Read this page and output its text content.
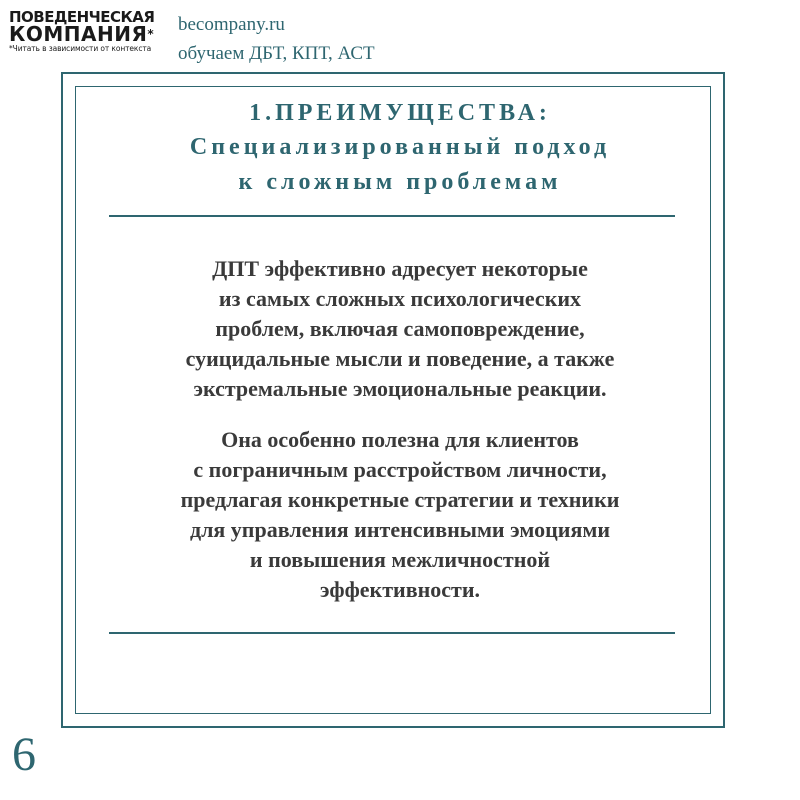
ПОВЕДЕНЧЕСКАЯ
КОМПАНИЯ*
*Читать в зависимости от контекста
becompany.ru
обучаем ДБТ, КПТ, АСТ
1.ПРЕИМУЩЕСТВА:
Специализированный подход
к сложным проблемам
ДПТ эффективно адресует некоторые
из самых сложных психологических
проблем, включая самоповреждение,
суицидальные мысли и поведение, а также
экстремальные эмоциональные реакции.
Она особенно полезна для клиентов
с пограничным расстройством личности,
предлагая конкретные стратегии и техники
для управления интенсивными эмоциями
и повышения межличностной
эффективности.
6
